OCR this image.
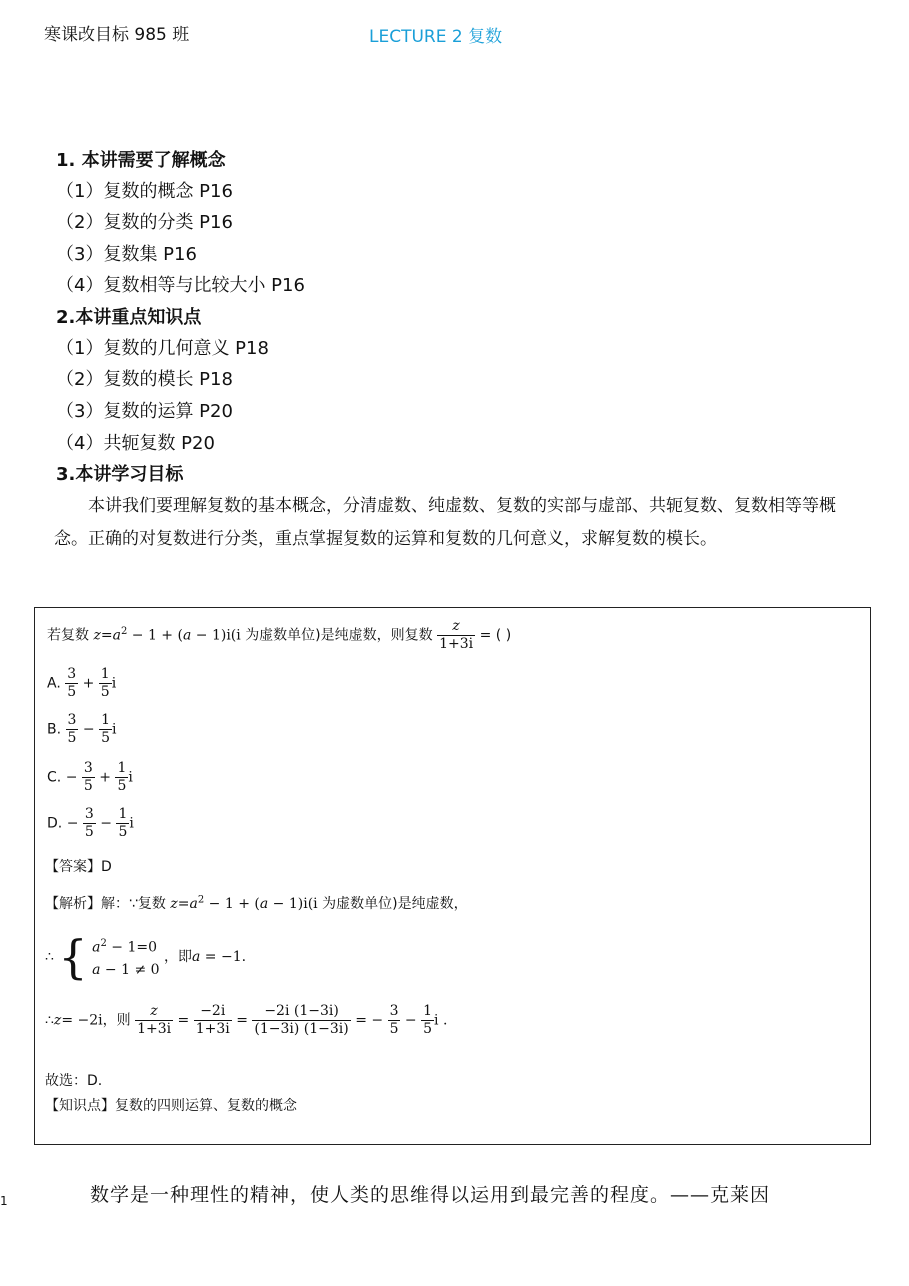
寒课改目标 985 班	LECTURE 2 复数
1. 本讲需要了解概念
（1）复数的概念 P16
（2）复数的分类 P16
（3）复数集 P16
（4）复数相等与比较大小 P16
2.本讲重点知识点
（1）复数的几何意义 P18
（2）复数的模长 P18
（3）复数的运算 P20
（4）共轭复数 P20
3.本讲学习目标
本讲我们要理解复数的基本概念，分清虚数、纯虚数、复数的实部与虚部、共轭复数、复数相等等概念。正确的对复数进行分类，重点掌握复数的运算和复数的几何意义，求解复数的模长。
若复数 $z=a^2 - 1 + (a - 1)i(i$ 为虚数单位)是纯虚数，则复数 $\frac{z}{1+3i}$ = ( )
A. $\frac{3}{5} + \frac{1}{5}$ i
B. $\frac{3}{5} - \frac{1}{5}$ i
C. − $\frac{3}{5} + \frac{1}{5}$ i
D. − $\frac{3}{5} - \frac{1}{5}$ i
【答案】D
【解析】解：∵复数 $z=a^2 - 1 + (a - 1)i(i$ 为虚数单位)是纯虚数，
∴ { $a^2 - 1=0$
a − 1 ≠ 0
，即a = −1.
∴z= −2i，则 $\frac{z}{1+3i} = \frac{-2i}{1+3i} = \frac{-2i (1-3i)}{(1-3i) (1-3i)}$ = − $\frac{3}{5} - \frac{1}{5}$ i .
故选：D.
【知识点】复数的四则运算、复数的概念
数学是一种理性的精神，使人类的思维得以运用到最完善的程度。——克莱因
1
